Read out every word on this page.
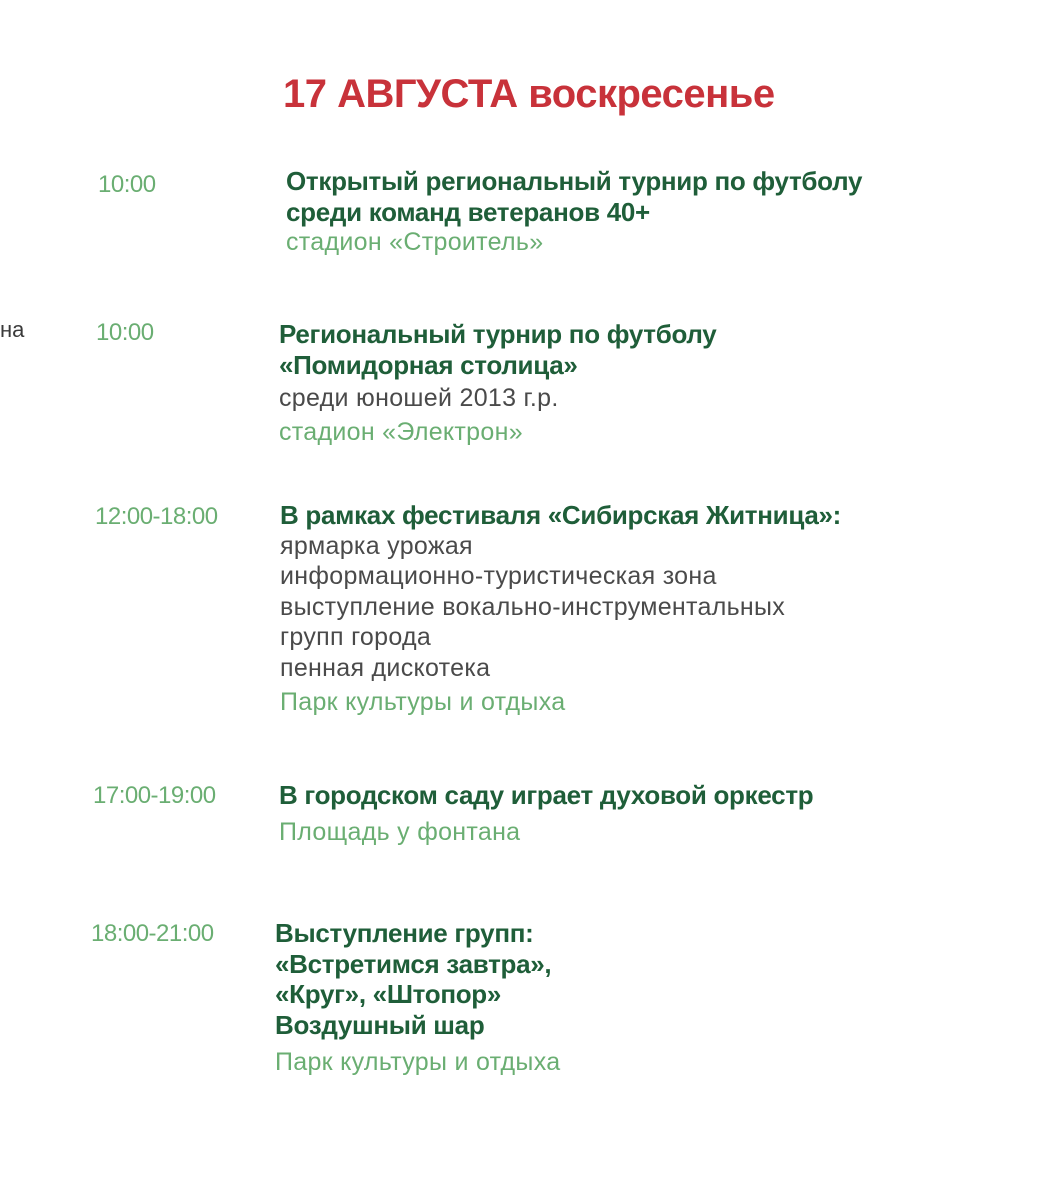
на
17 АВГУСТА воскресенье
10:00	Открытый региональный турнир по футболу
среди команд ветеранов 40+
стадион «Строитель»
10:00	Региональный турнир по футболу
«Помидорная столица»
среди юношей 2013 г.р.
стадион «Электрон»
12:00-18:00 В рамках фестиваля «Сибирская Житница»:
ярмарка урожая
информационно-туристическая зона
выступление вокально-инструментальных
групп города
пенная дискотека
Парк культуры и отдыха
17:00-19:00 В городском саду играет духовой оркестр
Площадь у фонтана
18:00-21:00 Выступление групп:
«Встретимся завтра»,
«Круг», «Штопор»
Воздушный шар
Парк культуры и отдыха
